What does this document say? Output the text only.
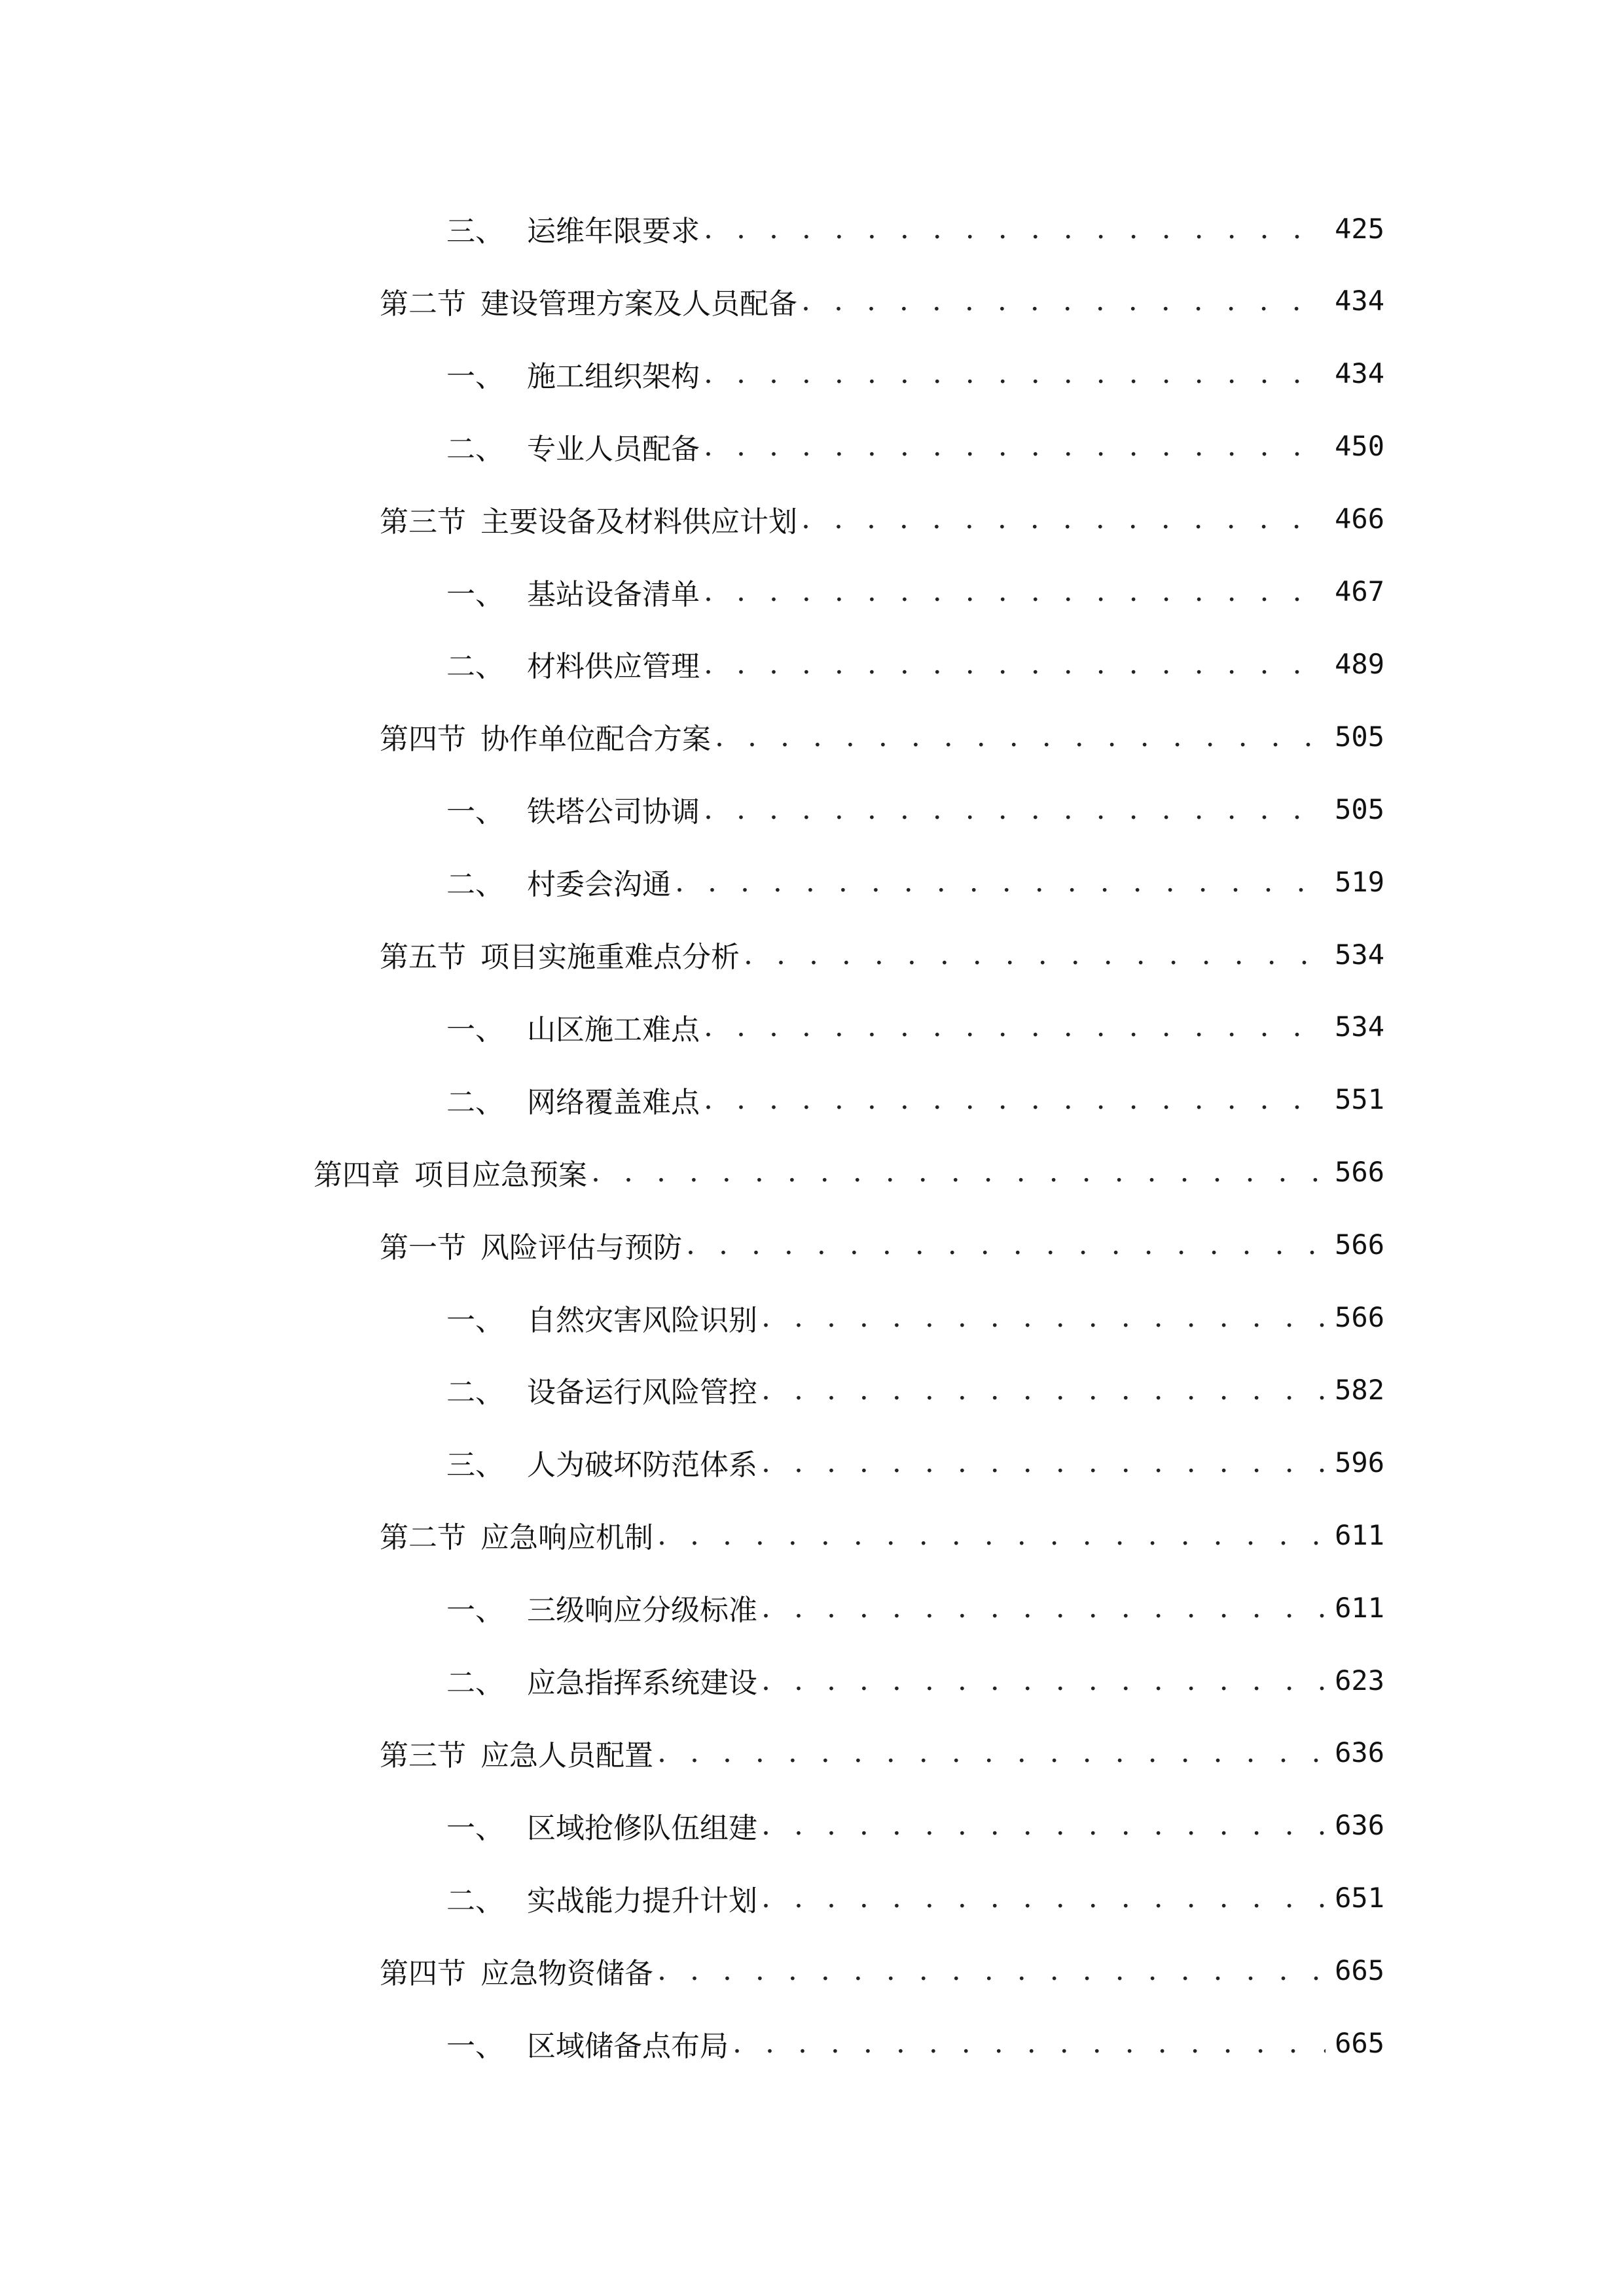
三、 运维年限要求 . . .	425
第二节 建设管理方案及人员配备 . . .	434
一、 施工组织架构 . . .	434
二、 专业人员配备 . . .	450
第三节 主要设备及材料供应计划 . . .	466
一、 基站设备清单 . . .	467
二、 材料供应管理 . . .	489
第四节 协作单位配合方案 . . .	505
一、 铁塔公司协调 . . .	505
二、 村委会沟通 . . .	519
第五节 项目实施重难点分析 . . .	534
一、 山区施工难点 . . .	534
二、 网络覆盖难点 . . .	551
第四章 项目应急预案 . . .	566
第一节 风险评估与预防 . . .	566
一、 自然灾害风险识别 . . .	566
二、 设备运行风险管控 . . .	582
三、 人为破坏防范体系 . . .	596
第二节 应急响应机制 . . .	611
一、 三级响应分级标准 . . .	611
二、 应急指挥系统建设 . . .	623
第三节 应急人员配置 . . .	636
一、 区域抢修队伍组建 . . .	636
二、 实战能力提升计划 . . .	651
第四节 应急物资储备 . . .	665
一、 区域储备点布局 . . .	665
